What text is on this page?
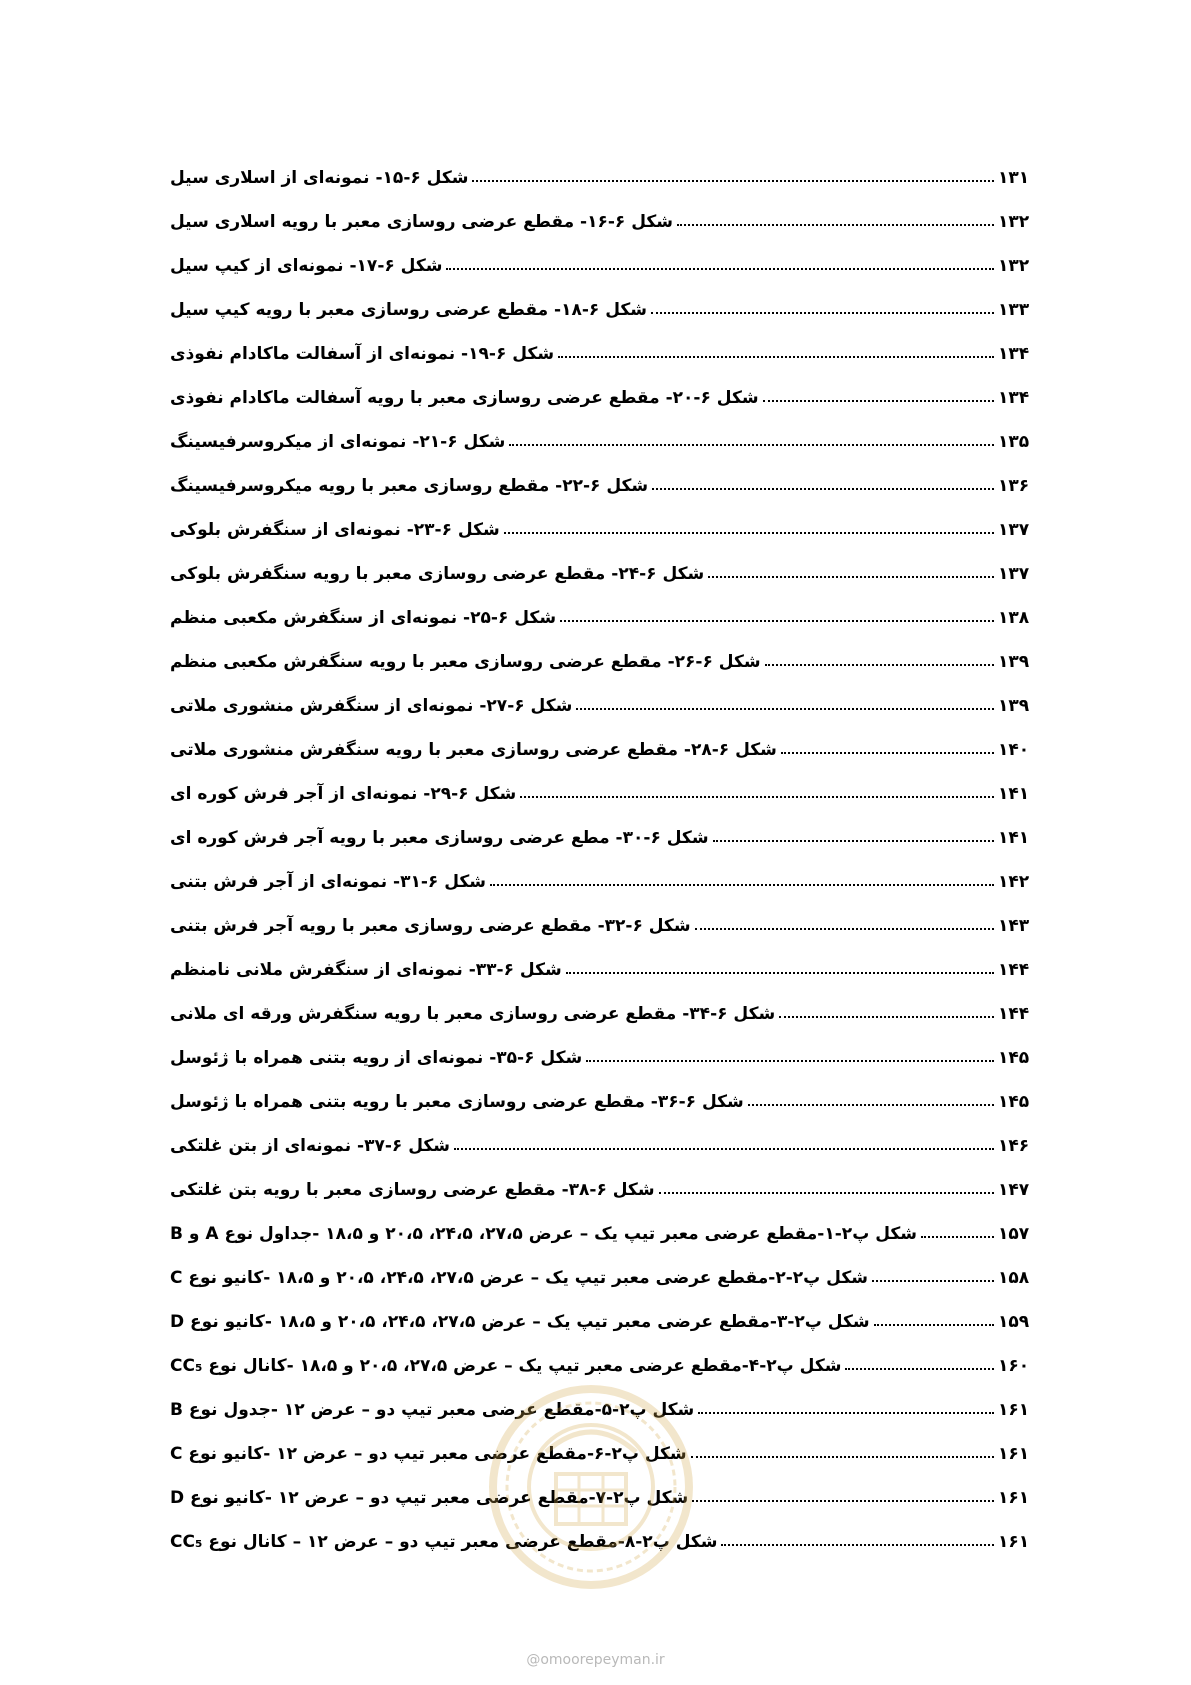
شکل ۶-۱۵- نمونه‌ای از اسلاری سیل	۱۳۱
شکل ۶-۱۶- مقطع عرضی روسازی معبر با رویه اسلاری سیل	۱۳۲
شکل ۶-۱۷- نمونه‌ای از کیپ سیل	۱۳۲
شکل ۶-۱۸- مقطع عرضی روسازی معبر با رویه کیپ سیل	۱۳۳
شکل ۶-۱۹- نمونه‌ای از آسفالت ماکادام نفوذی	۱۳۴
شکل ۶-۲۰- مقطع عرضی روسازی معبر با رویه آسفالت ماکادام نفوذی	۱۳۴
شکل ۶-۲۱- نمونه‌ای از میکروسرفیسینگ	۱۳۵
شکل ۶-۲۲- مقطع روسازی معبر با رویه میکروسرفیسینگ	۱۳۶
شکل ۶-۲۳- نمونه‌ای از سنگفرش بلوکی	۱۳۷
شکل ۶-۲۴- مقطع عرضی روسازی معبر با رویه سنگفرش بلوکی	۱۳۷
شکل ۶-۲۵- نمونه‌ای از سنگفرش مکعبی منظم	۱۳۸
شکل ۶-۲۶- مقطع عرضی روسازی معبر با رویه سنگفرش مکعبی منظم	۱۳۹
شکل ۶-۲۷- نمونه‌ای از سنگفرش منشوری ملاتی	۱۳۹
شکل ۶-۲۸- مقطع عرضی روسازی معبر با رویه سنگفرش منشوری ملاتی	۱۴۰
شکل ۶-۲۹- نمونه‌ای از آجر فرش کوره ای	۱۴۱
شکل ۶-۳۰- مطع عرضی روسازی معبر با رویه آجر فرش کوره ای	۱۴۱
شکل ۶-۳۱- نمونه‌ای از آجر فرش بتنی	۱۴۲
شکل ۶-۳۲- مقطع عرضی روسازی معبر با رویه آجر فرش بتنی	۱۴۳
شکل ۶-۳۳- نمونه‌ای از سنگفرش ملانی نامنظم	۱۴۴
شکل ۶-۳۴- مقطع عرضی روسازی معبر با رویه سنگفرش ورقه ای ملانی	۱۴۴
شکل ۶-۳۵- نمونه‌ای از رویه بتنی همراه با ژئوسل	۱۴۵
شکل ۶-۳۶- مقطع عرضی روسازی معبر با رویه بتنی همراه با ژئوسل	۱۴۵
شکل ۶-۳۷- نمونه‌ای از بتن غلتکی	۱۴۶
شکل ۶-۳۸- مقطع عرضی روسازی معبر با رویه بتن غلتکی	۱۴۷
شکل پ۲-۱-مقطع عرضی معبر تیپ یک – عرض ۲۷،۵، ۲۴،۵، ۲۰،۵ و ۱۸،۵ -جداول نوع A و B	۱۵۷
شکل پ۲-۲-مقطع عرضی معبر تیپ یک – عرض ۲۷،۵، ۲۴،۵، ۲۰،۵ و ۱۸،۵ -کانیو نوع C	۱۵۸
شکل پ۲-۳-مقطع عرضی معبر تیپ یک – عرض ۲۷،۵، ۲۴،۵، ۲۰،۵ و ۱۸،۵ -کانیو نوع D	۱۵۹
شکل پ۲-۴-مقطع عرضی معبر تیپ یک – عرض ۲۷،۵، ۲۰،۵ و ۱۸،۵ -کانال نوع CC₅	۱۶۰
شکل پ۲-۵-مقطع عرضی معبر تیپ دو – عرض ۱۲ -جدول نوع B	۱۶۱
شکل پ۲-۶-مقطع عرضی معبر تیپ دو – عرض ۱۲ -کانیو نوع C	۱۶۱
شکل پ۲-۷-مقطع عرضی معبر تیپ دو – عرض ۱۲ -کانیو نوع D	۱۶۱
شکل پ۲-۸-مقطع عرضی معبر تیپ دو – عرض ۱۲ – کانال نوع CC₅	۱۶۱
@omoorepeyman.ir
